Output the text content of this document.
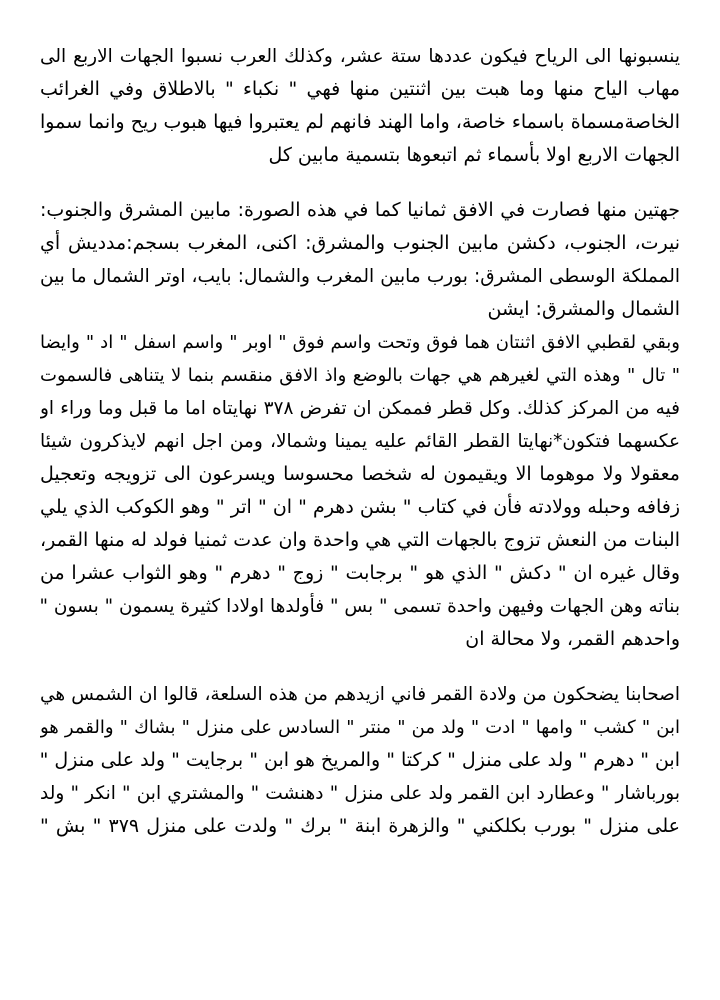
ينسبونها الى الرياح فيكون عددها ستة عشر، وكذلك العرب نسبوا الجهات الاربع الى
مهاب الياح منها وما هبت بين اثنتين منها فهي " نكباء " بالاطلاق وفي الغرائب
الخاصةمسماة باسماء خاصة، واما الهند فانهم لم يعتبروا فيها هبوب ريح وانما سموا
الجهات الاربع اولا بأسماء ثم اتبعوها بتسمية مابين كل
جهتين منها فصارت في الافق ثمانيا كما في هذه الصورة: مابين المشرق والجنوب:
نيرت، الجنوب، دكشن مابين الجنوب والمشرق: اكنى، المغرب بسجم:مدديش أي
المملكة الوسطى المشرق: بورب مابين المغرب والشمال: بايب، اوتر الشمال ما بين
الشمال والمشرق: ايشن
وبقي لقطبي الافق اثنتان هما فوق وتحت واسم فوق " اوبر " واسم اسفل " اد " وايضا
" تال " وهذه التي لغيرهم هي جهات بالوضع واذ الافق منقسم بنما لا يتناهى فالسموت
فيه من المركز كذلك. وكل قطر فممكن ان تفرض ٣٧٨ نهايتاه اما ما قبل وما وراء او
عكسهما فتكون*نهايتا القطر القائم عليه يمينا وشمالا، ومن اجل انهم لايذكرون شيئا
معقولا ولا موهوما الا ويقيمون له شخصا محسوسا ويسرعون الى تزويجه وتعجيل
زفافه وحبله وولادته فأن في كتاب " بشن دهرم " ان " اتر " وهو الكوكب الذي يلي
البنات من النعش تزوج بالجهات التي هي واحدة وان عدت ثمنيا فولد له منها القمر،
وقال غيره ان " دكش " الذي هو " برجابت " زوج " دهرم " وهو الثواب عشرا من
بناته وهن الجهات وفيهن واحدة تسمى " بس " فأولدها اولادا كثيرة يسمون " بسون "
واحدهم القمر، ولا محالة ان
اصحابنا يضحكون من ولادة القمر فاني ازيدهم من هذه السلعة، قالوا ان الشمس هي
ابن " كشب " وامها " ادت " ولد من " منتر " السادس على منزل " بشاك " والقمر هو
ابن " دهرم " ولد على منزل " كركتا " والمريخ هو ابن " برجايت " ولد على منزل "
بورباشار " وعطارد ابن القمر ولد على منزل " دهنشت " والمشتري ابن " انكر " ولد
على منزل " بورب بكلكني " والزهرة ابنة " برك " ولدت على منزل ٣٧٩ " بش "
